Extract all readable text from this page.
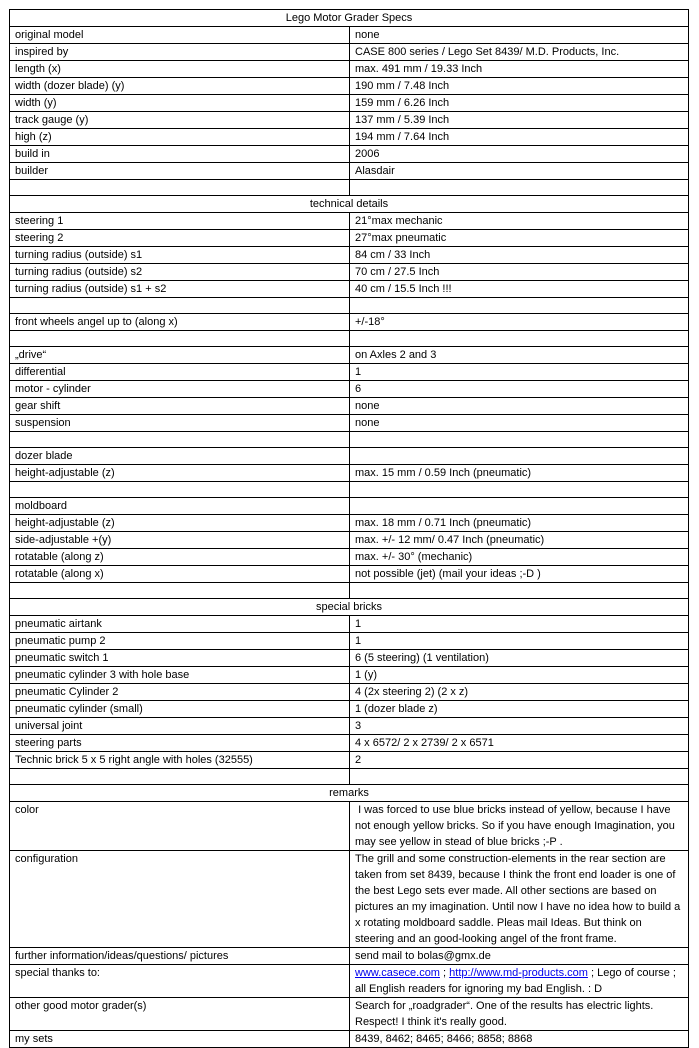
Lego Motor Grader Specs	
original model	none
inspired by	CASE 800 series / Lego Set 8439/ M.D. Products, Inc.
length (x)	max. 491 mm / 19.33 Inch
width (dozer blade) (y)	190 mm / 7.48 Inch
width (y)	159 mm / 6.26 Inch
track gauge (y)	137 mm / 5.39 Inch
high (z)	194 mm / 7.64 Inch
build in	2006
builder	Alasdair

technical details	
steering 1	21°max mechanic
steering 2	27°max pneumatic
turning radius (outside) s1	84 cm / 33 Inch
turning radius (outside) s2	70 cm / 27.5 Inch
turning radius (outside) s1 + s2	40 cm / 15.5 Inch !!!

front wheels angel up to (along x)	+/-18°

„drive“	on Axles 2 and 3
differential	1
motor - cylinder	6
gear shift	none
suspension	none

dozer blade	
height-adjustable (z)	max. 15 mm / 0.59 Inch (pneumatic)

moldboard	
height-adjustable (z)	max. 18 mm / 0.71 Inch (pneumatic)
side-adjustable +(y)	max. +/- 12 mm/ 0.47 Inch (pneumatic)
rotatable (along z)	max. +/- 30° (mechanic)
rotatable (along x)	not possible (jet) (mail your ideas ;-D )

special bricks	
pneumatic airtank	1
pneumatic pump 2	1
pneumatic switch 1	6 (5 steering) (1 ventilation)
pneumatic cylinder 3 with hole base	1 (y)
pneumatic Cylinder 2	4 (2x steering 2) (2 x z)
pneumatic cylinder (small)	1 (dozer blade z)
universal joint	3
steering parts	4 x 6572/ 2 x 2739/ 2 x 6571
Technic brick 5 x 5 right angle with holes (32555)	2

remarks	
color	I was forced to use blue bricks instead of yellow, because I have not enough yellow bricks. So if you have enough Imagination, you may see yellow in stead of blue bricks ;-P .
configuration	The grill and some construction-elements in the rear section are taken from set 8439, because I think the front end loader is one of the best Lego sets ever made. All other sections are based on pictures an my imagination. Until now I have no idea how to build a x rotating moldboard saddle. Pleas mail Ideas. But think on steering and an good-looking angel of the front frame.
further information/ideas/questions/ pictures	send mail to bolas@gmx.de
special thanks to:	www.casece.com ; http://www.md-products.com ; Lego of course ; all English readers for ignoring my bad English. : D
other good motor grader(s)	Search for „roadgrader“. One of the results has electric lights. Respect! I think it's really good.
my sets	8439, 8462; 8465; 8466; 8858; 8868
